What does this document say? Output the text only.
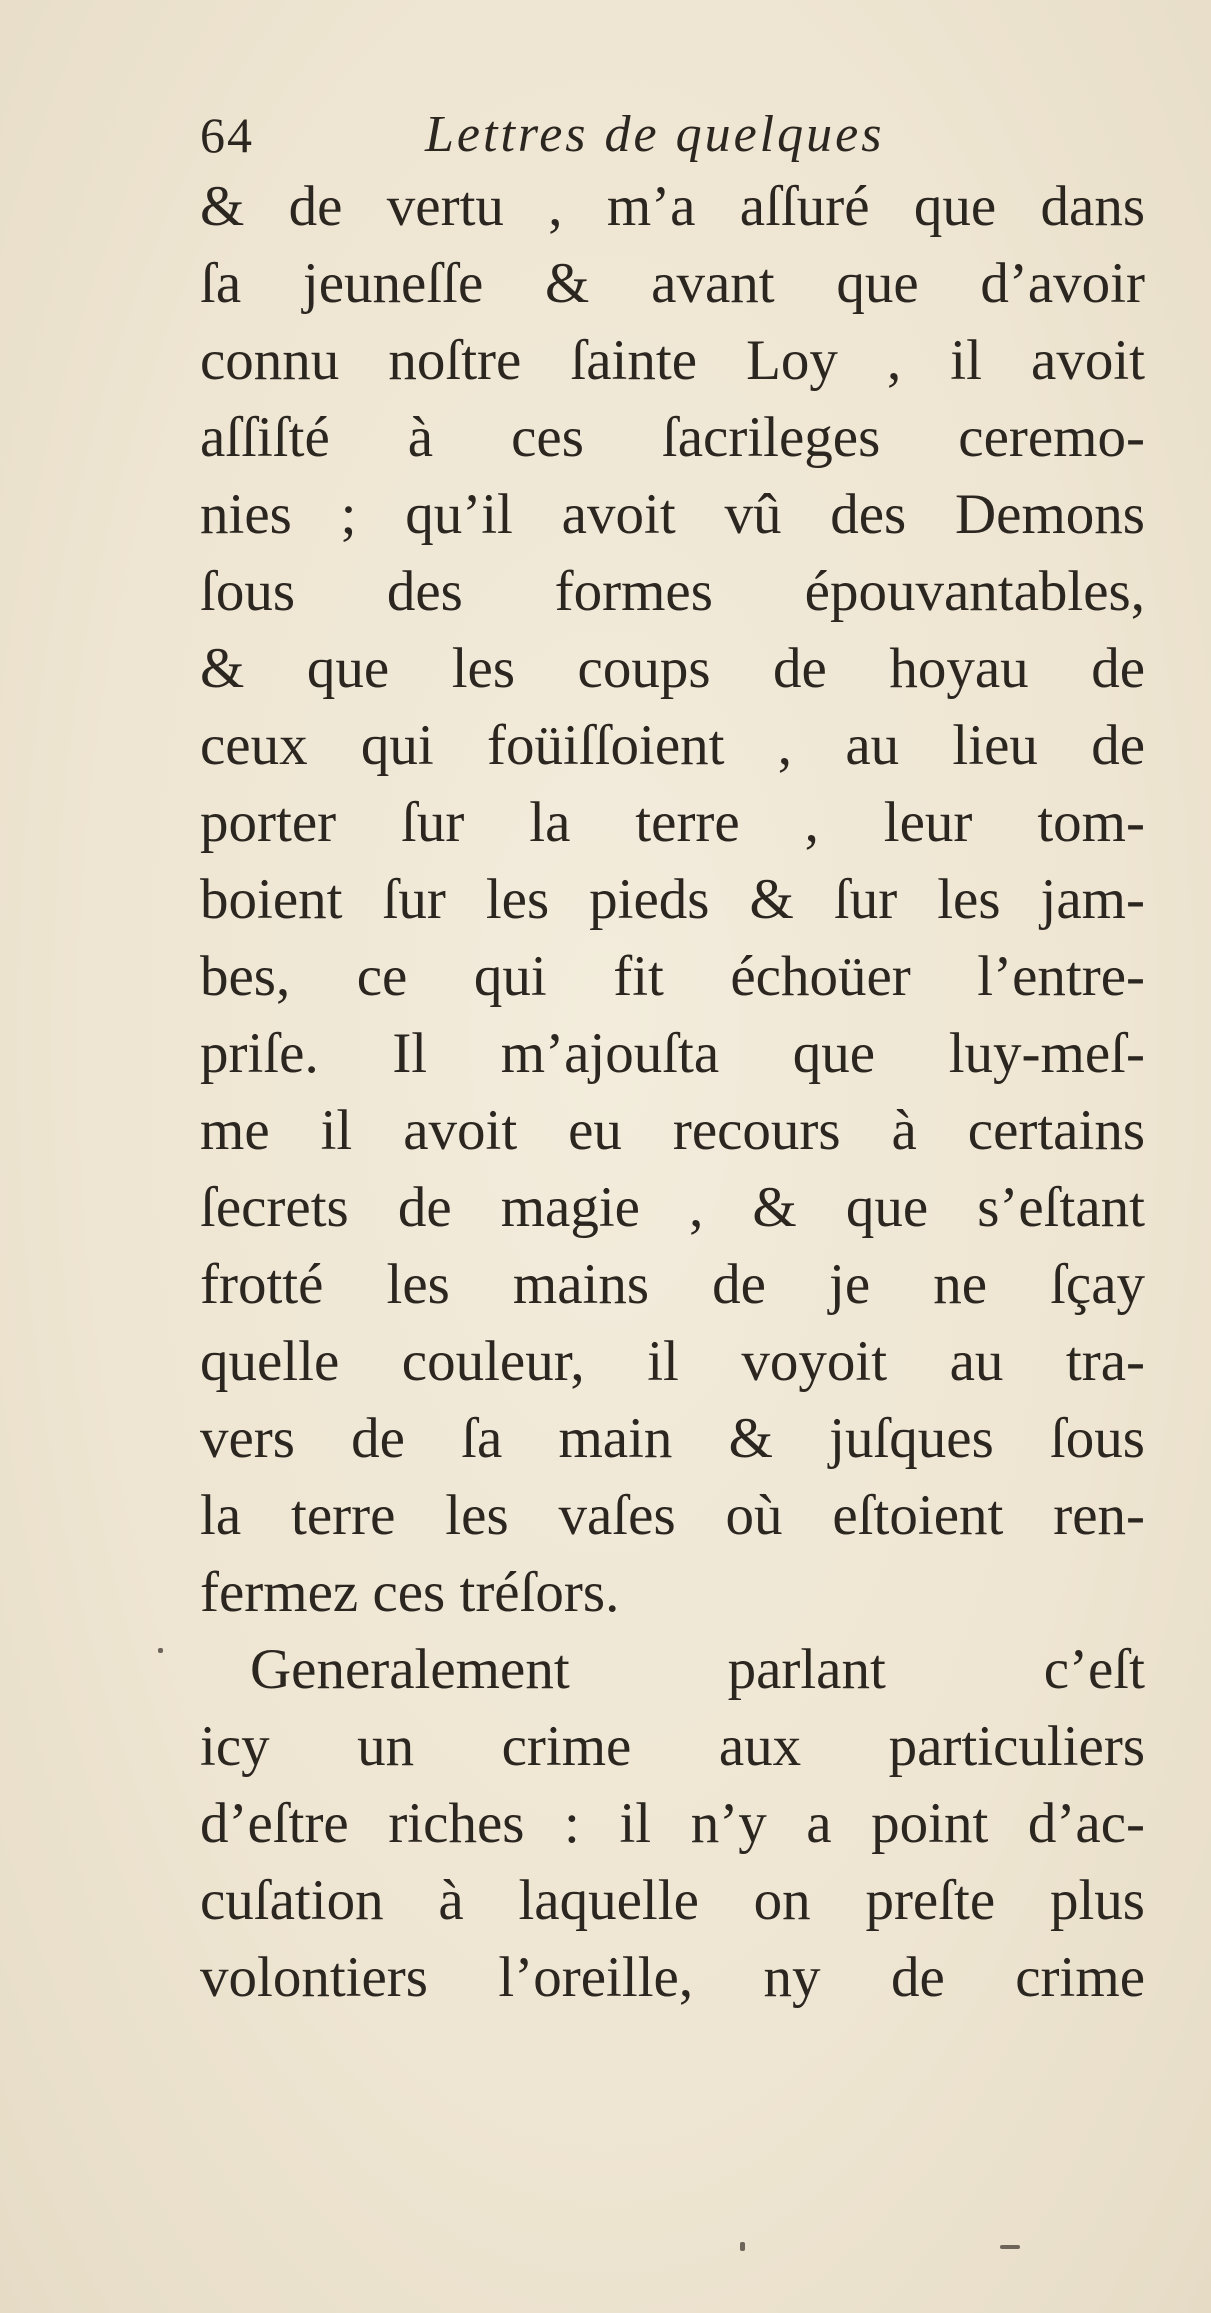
64	Lettres de quelques
& de vertu , m’a aſſuré que dans
ſa jeuneſſe & avant que d’avoir
connu noſtre ſainte Loy , il avoit
aſſiſté à ces ſacrileges ceremo-
nies ; qu’il avoit vû des Demons
ſous des formes épouvantables,
& que les coups de hoyau de
ceux qui foüiſſoient , au lieu de
porter ſur la terre , leur tom-
boient ſur les pieds & ſur les jam-
bes, ce qui fit échoüer l’entre-
priſe. Il m’ajouſta que luy-meſ-
me il avoit eu recours à certains
ſecrets de magie , & que s’eſtant
frotté les mains de je ne ſçay
quelle couleur, il voyoit au tra-
vers de ſa main & juſques ſous
la terre les vaſes où eſtoient ren-
fermez ces tréſors.
Generalement parlant c’eſt
icy un crime aux particuliers
d’eſtre riches : il n’y a point d’ac-
cuſation à laquelle on preſte plus
volontiers l’oreille, ny de crime
